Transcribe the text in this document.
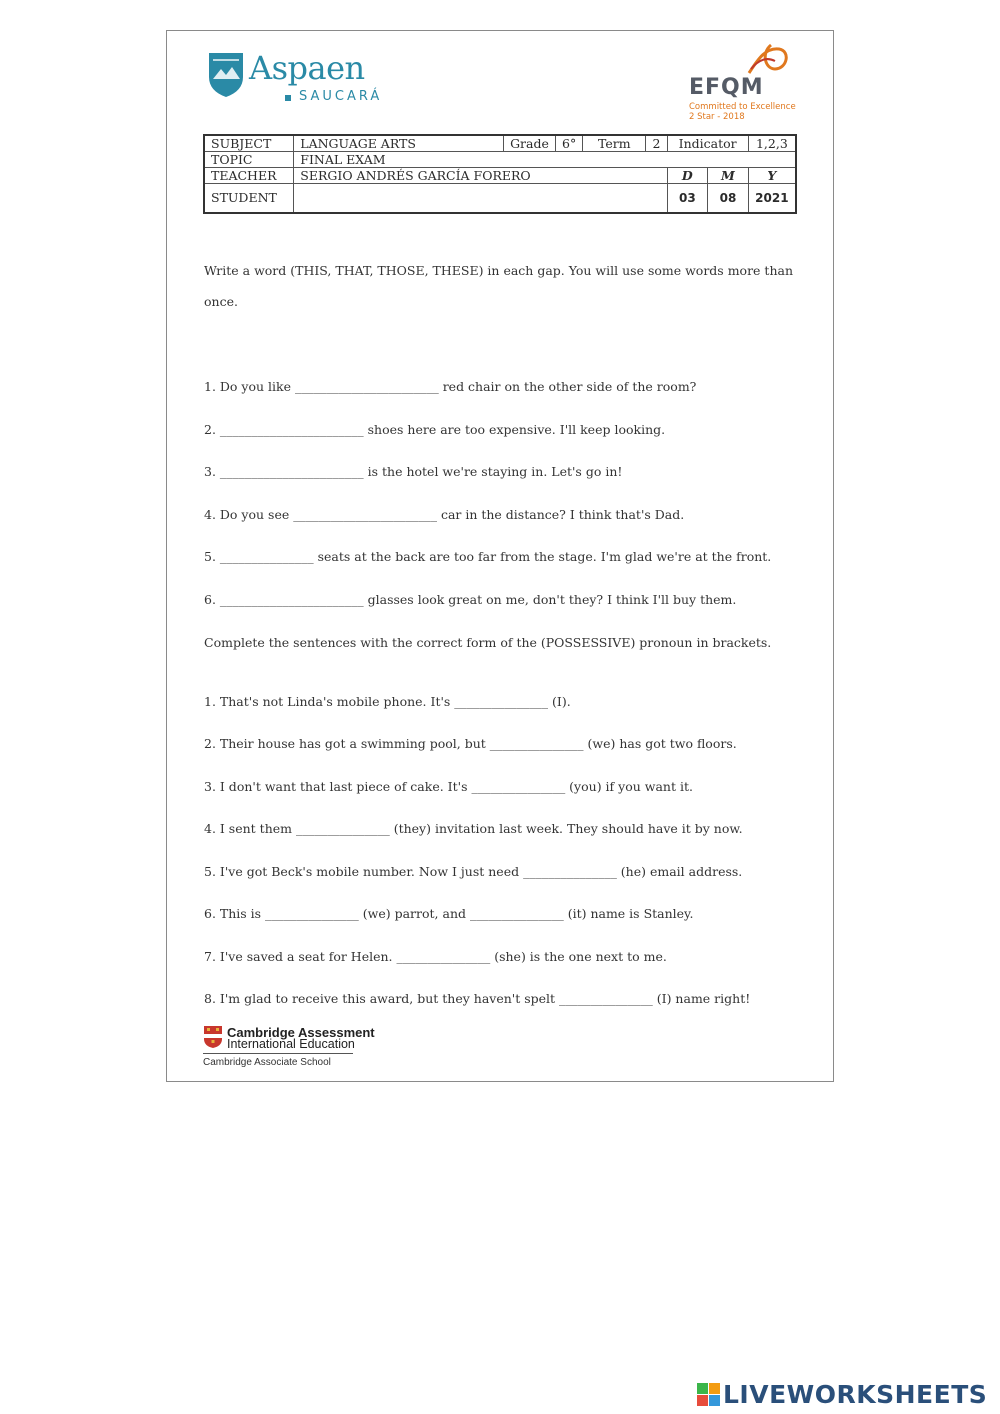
Aspaen
SAUCARÁ	EFQM
Committed to Excellence
2 Star - 2018
SUBJECT	LANGUAGE ARTS	Grade	6°	Term	2	Indicator		1,2,3
TOPIC	FINAL EXAM							
TEACHER	SERGIO ANDRÉS GARCÍA FORERO					D	M	Y
STUDENT						03	08	2021
Write a word (THIS, THAT, THOSE, THESE) in each gap. You will use some words more than once.
1. Do you like _______________________ red chair on the other side of the room?
2. _______________________ shoes here are too expensive. I'll keep looking.
3. _______________________ is the hotel we're staying in. Let's go in!
4. Do you see _______________________ car in the distance? I think that's Dad.
5. _______________ seats at the back are too far from the stage. I'm glad we're at the front.
6. _______________________ glasses look great on me, don't they? I think I'll buy them.
Complete the sentences with the correct form of the (POSSESSIVE) pronoun in brackets.
1. That's not Linda's mobile phone. It's _______________ (I).
2. Their house has got a swimming pool, but _______________ (we) has got two floors.
3. I don't want that last piece of cake. It's _______________ (you) if you want it.
4. I sent them _______________ (they) invitation last week. They should have it by now.
5. I've got Beck's mobile number. Now I just need _______________ (he) email address.
6. This is _______________ (we) parrot, and _______________ (it) name is Stanley.
7. I've saved a seat for Helen. _______________ (she) is the one next to me.
8. I'm glad to receive this award, but they haven't spelt _______________ (I) name right!
Cambridge Assessment
International Education
Cambridge Associate School
LIVEWORKSHEETS
